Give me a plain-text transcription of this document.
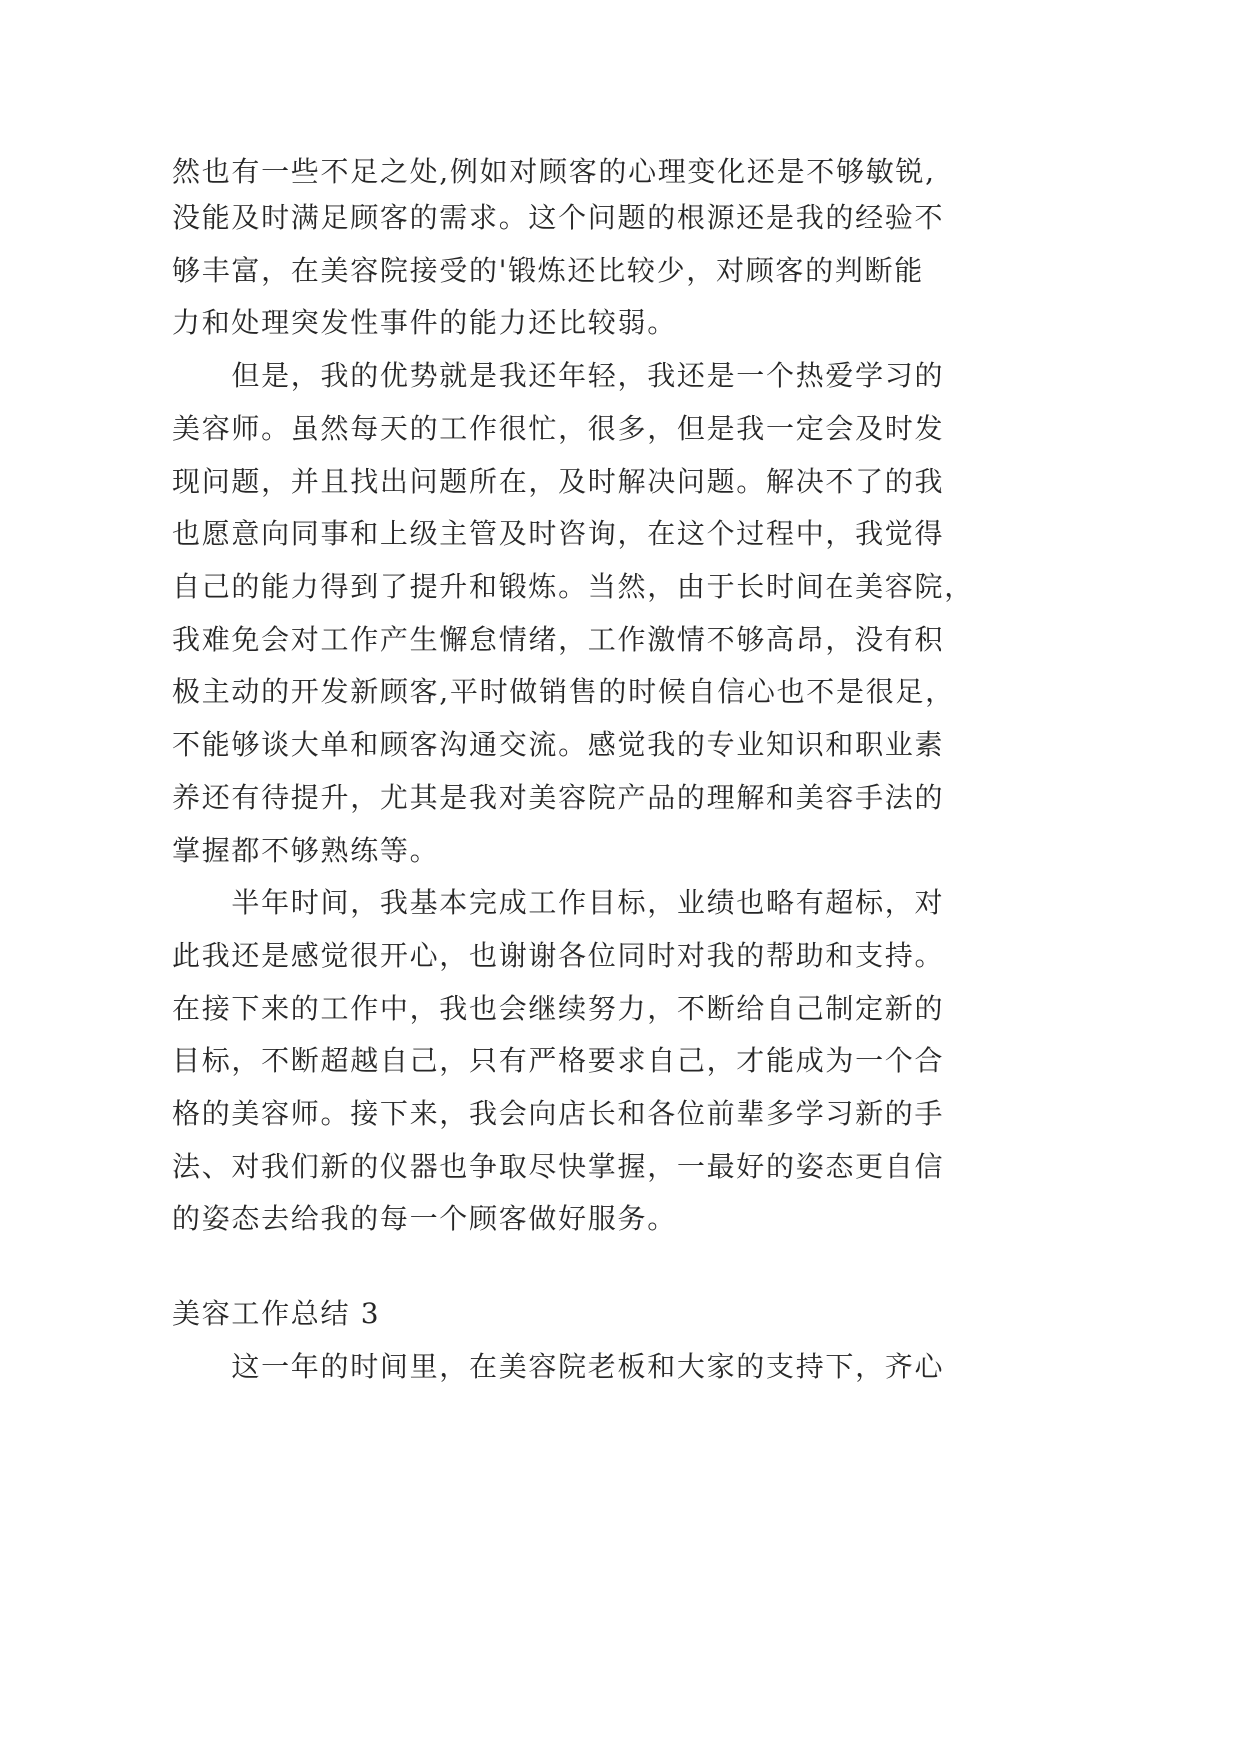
然也有一些不足之处,例如对顾客的心理变化还是不够敏锐,
没能及时满足顾客的需求。这个问题的根源还是我的经验不
够丰富，在美容院接受的'锻炼还比较少，对顾客的判断能
力和处理突发性事件的能力还比较弱。
　　但是，我的优势就是我还年轻，我还是一个热爱学习的
美容师。虽然每天的工作很忙，很多，但是我一定会及时发
现问题，并且找出问题所在，及时解决问题。解决不了的我
也愿意向同事和上级主管及时咨询，在这个过程中，我觉得
自己的能力得到了提升和锻炼。当然，由于长时间在美容院，
我难免会对工作产生懈怠情绪，工作激情不够高昂，没有积
极主动的开发新顾客,平时做销售的时候自信心也不是很足，
不能够谈大单和顾客沟通交流。感觉我的专业知识和职业素
养还有待提升，尤其是我对美容院产品的理解和美容手法的
掌握都不够熟练等。
　　半年时间，我基本完成工作目标，业绩也略有超标，对
此我还是感觉很开心，也谢谢各位同时对我的帮助和支持。
在接下来的工作中，我也会继续努力，不断给自己制定新的
目标，不断超越自己，只有严格要求自己，才能成为一个合
格的美容师。接下来，我会向店长和各位前辈多学习新的手
法、对我们新的仪器也争取尽快掌握，一最好的姿态更自信
的姿态去给我的每一个顾客做好服务。
美容工作总结 3
　　这一年的时间里，在美容院老板和大家的支持下，齐心
